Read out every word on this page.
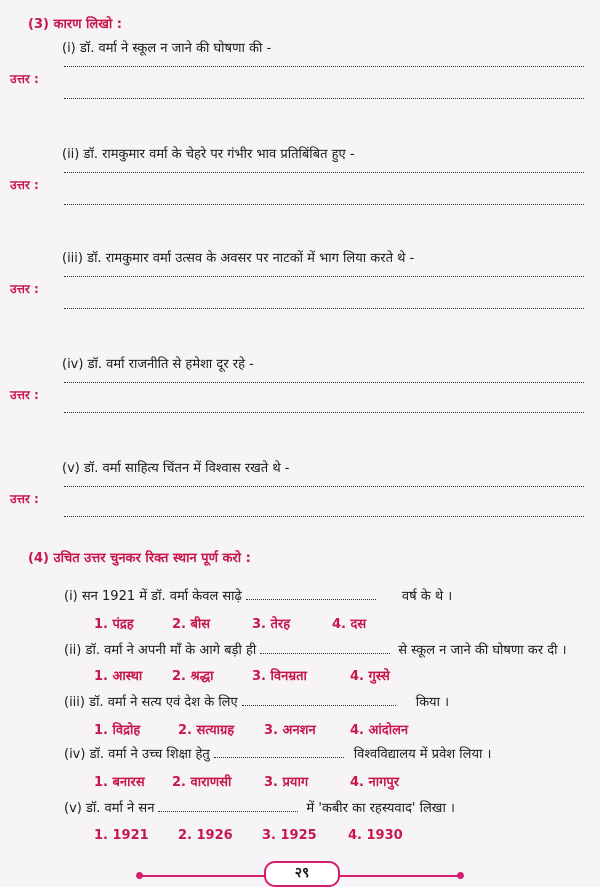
(3) कारण लिखो :
(i) डॉ. वर्मा ने स्कूल न जाने की घोषणा की -
उत्तर :
(ii) डॉ. रामकुमार वर्मा के चेहरे पर गंभीर भाव प्रतिबिंबित हुए -
उत्तर :
(iii) डॉ. रामकुमार वर्मा उत्सव के अवसर पर नाटकों में भाग लिया करते थे -
उत्तर :
(iv) डॉ. वर्मा राजनीति से हमेशा दूर रहे -
उत्तर :
(v) डॉ. वर्मा साहित्य चिंतन में विश्वास रखते थे -
उत्तर :
(4) उचित उत्तर चुनकर रिक्त स्थान पूर्ण करो :
(i) सन 1921 में डॉ. वर्मा केवल साढ़े	वर्ष के थे ।
1. पंद्रह	2. बीस	3. तेरह	4. दस
(ii) डॉ. वर्मा ने अपनी माँ के आगे बड़ी ही	से स्कूल न जाने की घोषणा कर दी ।
1. आस्था 2. श्रद्धा	3. विनम्रता	4. गुस्से
(iii) डॉ. वर्मा ने सत्य एवं देश के लिए	किया ।
1. विद्रोह	2. सत्याग्रह 3. अनशन	4. आंदोलन
(iv) डॉ. वर्मा ने उच्च शिक्षा हेतु	विश्वविद्यालय में प्रवेश लिया ।
1. बनारस 2. वाराणसी	3. प्रयाग	4. नागपुर
(v) डॉ. वर्मा ने सन	में 'कबीर का रहस्यवाद' लिखा ।
1. 1921 2. 1926 3. 1925 4. 1930
२९
